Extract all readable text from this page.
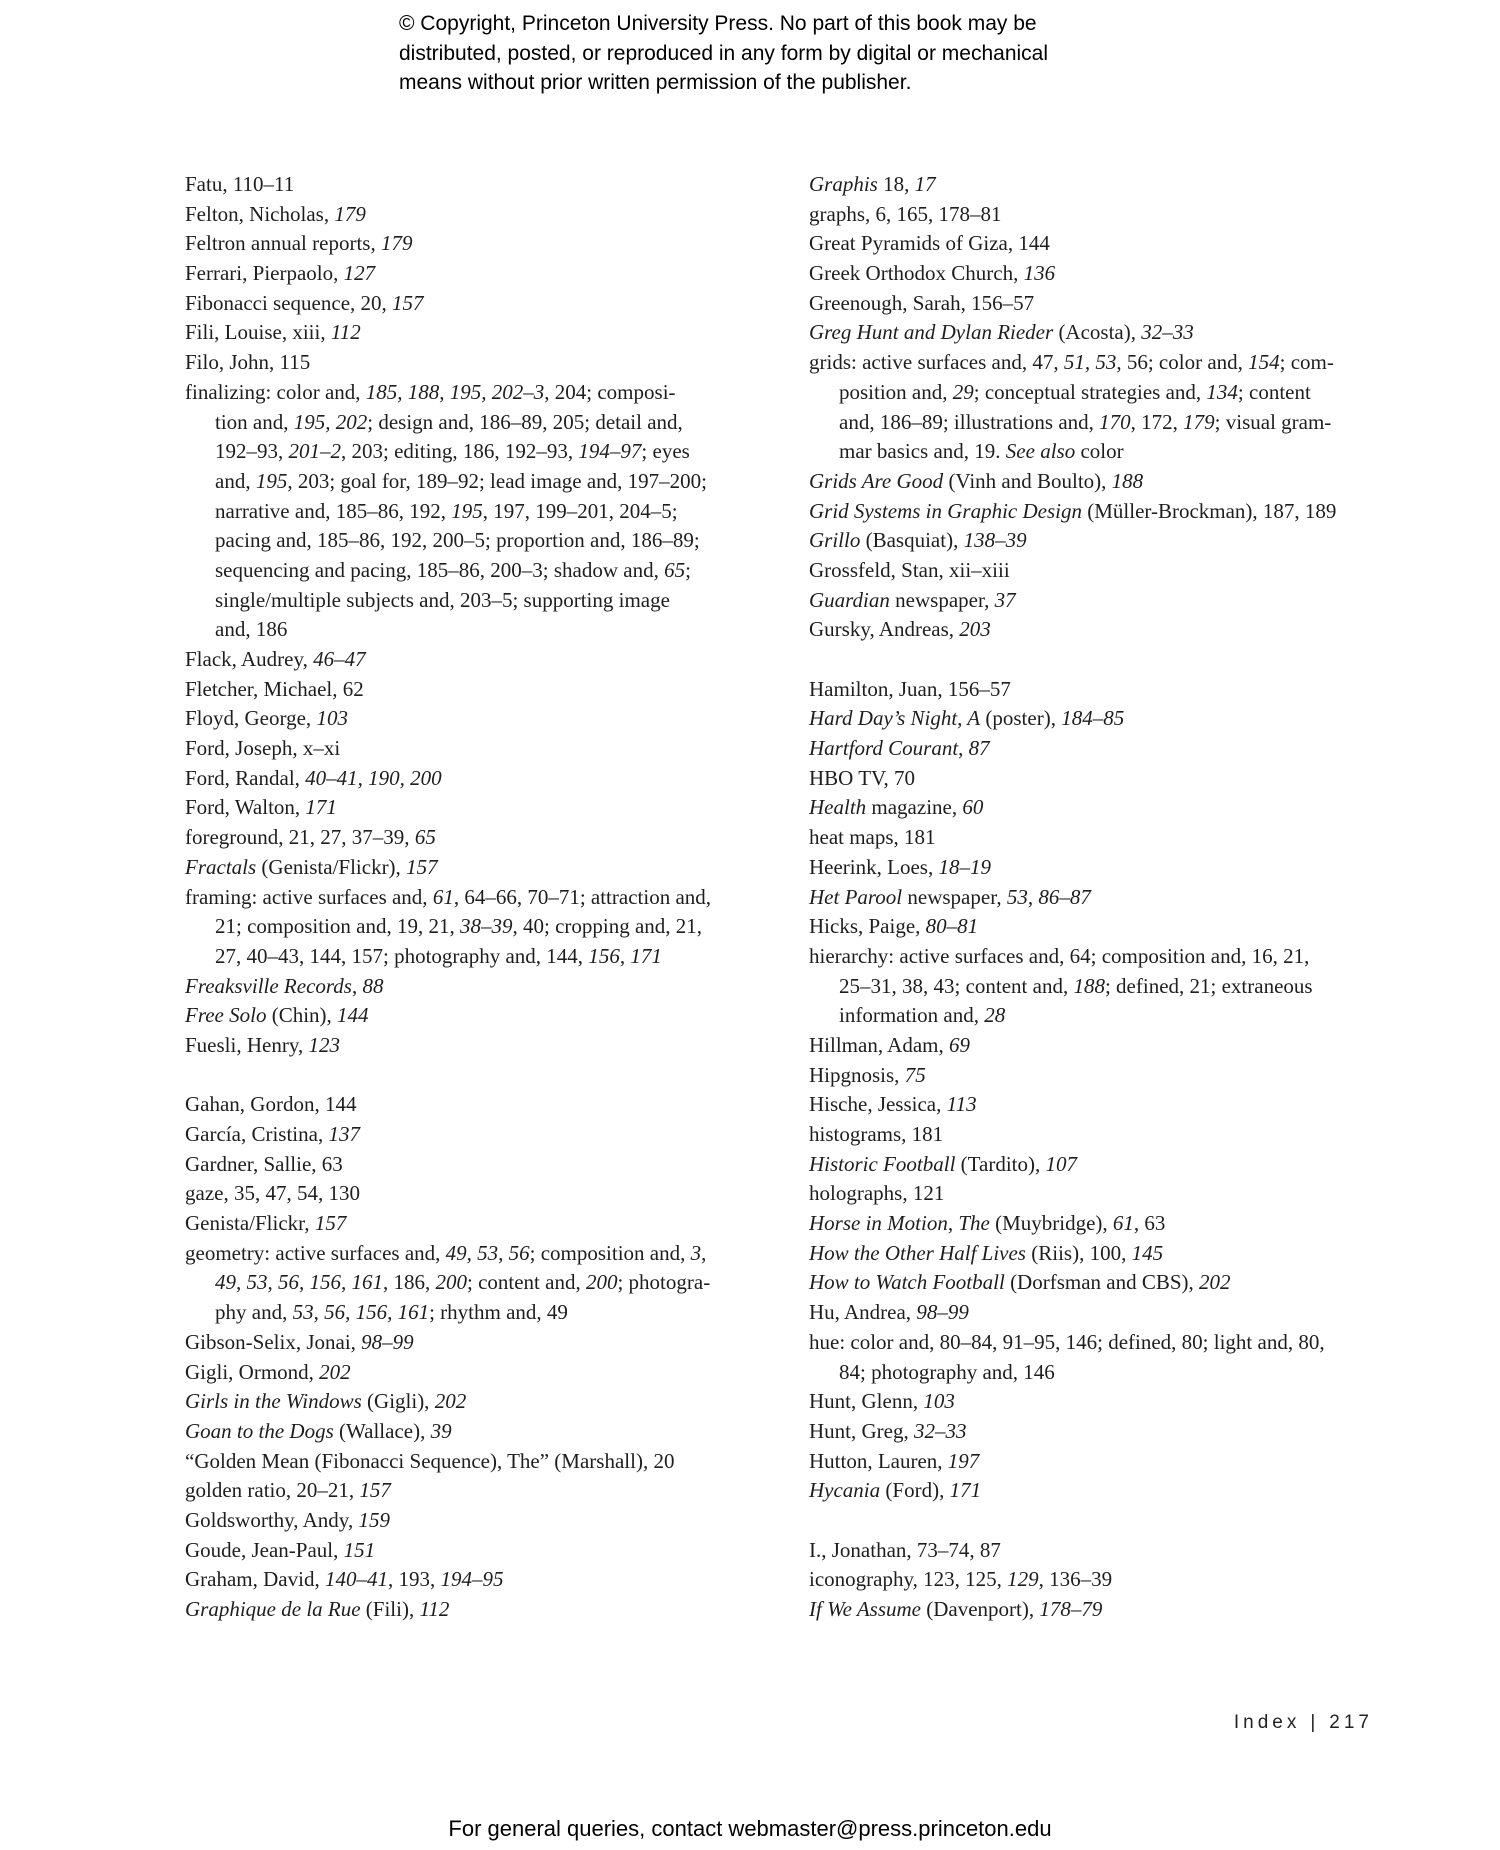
© Copyright, Princeton University Press. No part of this book may be
distributed, posted, or reproduced in any form by digital or mechanical
means without prior written permission of the publisher.
Fatu, 110–11
Felton, Nicholas, 179
Feltron annual reports, 179
Ferrari, Pierpaolo, 127
Fibonacci sequence, 20, 157
Fili, Louise, xiii, 112
Filo, John, 115
finalizing: color and, 185, 188, 195, 202–3, 204; composi-
tion and, 195, 202; design and, 186–89, 205; detail and,
192–93, 201–2, 203; editing, 186, 192–93, 194–97; eyes
and, 195, 203; goal for, 189–92; lead image and, 197–200;
narrative and, 185–86, 192, 195, 197, 199–201, 204–5;
pacing and, 185–86, 192, 200–5; proportion and, 186–89;
sequencing and pacing, 185–86, 200–3; shadow and, 65;
single/multiple subjects and, 203–5; supporting image
and, 186
Flack, Audrey, 46–47
Fletcher, Michael, 62
Floyd, George, 103
Ford, Joseph, x–xi
Ford, Randal, 40–41, 190, 200
Ford, Walton, 171
foreground, 21, 27, 37–39, 65
Fractals (Genista/Flickr), 157
framing: active surfaces and, 61, 64–66, 70–71; attraction and,
21; composition and, 19, 21, 38–39, 40; cropping and, 21,
27, 40–43, 144, 157; photography and, 144, 156, 171
Freaksville Records, 88
Free Solo (Chin), 144
Fuesli, Henry, 123
Gahan, Gordon, 144
García, Cristina, 137
Gardner, Sallie, 63
gaze, 35, 47, 54, 130
Genista/Flickr, 157
geometry: active surfaces and, 49, 53, 56; composition and, 3,
49, 53, 56, 156, 161, 186, 200; content and, 200; photogra-
phy and, 53, 56, 156, 161; rhythm and, 49
Gibson-Selix, Jonai, 98–99
Gigli, Ormond, 202
Girls in the Windows (Gigli), 202
Goan to the Dogs (Wallace), 39
“Golden Mean (Fibonacci Sequence), The” (Marshall), 20
golden ratio, 20–21, 157
Goldsworthy, Andy, 159
Goude, Jean-Paul, 151
Graham, David, 140–41, 193, 194–95
Graphique de la Rue (Fili), 112
Graphis 18, 17
graphs, 6, 165, 178–81
Great Pyramids of Giza, 144
Greek Orthodox Church, 136
Greenough, Sarah, 156–57
Greg Hunt and Dylan Rieder (Acosta), 32–33
grids: active surfaces and, 47, 51, 53, 56; color and, 154; com-
position and, 29; conceptual strategies and, 134; content
and, 186–89; illustrations and, 170, 172, 179; visual gram-
mar basics and, 19. See also color
Grids Are Good (Vinh and Boulto), 188
Grid Systems in Graphic Design (Müller-Brockman), 187, 189
Grillo (Basquiat), 138–39
Grossfeld, Stan, xii–xiii
Guardian newspaper, 37
Gursky, Andreas, 203
Hamilton, Juan, 156–57
Hard Day’s Night, A (poster), 184–85
Hartford Courant, 87
HBO TV, 70
Health magazine, 60
heat maps, 181
Heerink, Loes, 18–19
Het Parool newspaper, 53, 86–87
Hicks, Paige, 80–81
hierarchy: active surfaces and, 64; composition and, 16, 21,
25–31, 38, 43; content and, 188; defined, 21; extraneous
information and, 28
Hillman, Adam, 69
Hipgnosis, 75
Hische, Jessica, 113
histograms, 181
Historic Football (Tardito), 107
holographs, 121
Horse in Motion, The (Muybridge), 61, 63
How the Other Half Lives (Riis), 100, 145
How to Watch Football (Dorfsman and CBS), 202
Hu, Andrea, 98–99
hue: color and, 80–84, 91–95, 146; defined, 80; light and, 80,
84; photography and, 146
Hunt, Glenn, 103
Hunt, Greg, 32–33
Hutton, Lauren, 197
Hycania (Ford), 171
I., Jonathan, 73–74, 87
iconography, 123, 125, 129, 136–39
If We Assume (Davenport), 178–79
Index | 217
For general queries, contact webmaster@press.princeton.edu
